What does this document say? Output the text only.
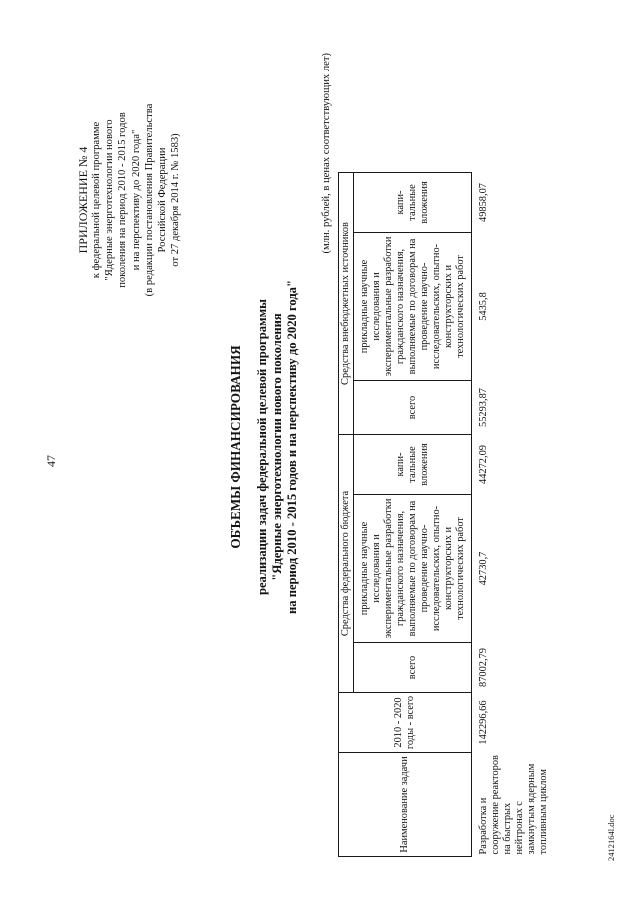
47
ПРИЛОЖЕНИЕ № 4 к федеральной целевой программе "Ядерные энерготехнологии нового поколения на период 2010 - 2015 годов и на перспективу до 2020 года" (в редакции постановления Правительства Российской Федерации от 27 декабря 2014 г. № 1583)
ОБЪЕМЫ ФИНАНСИРОВАНИЯ реализации задач федеральной целевой программы "Ядерные энерготехнологии нового поколения на период 2010 - 2015 годов и на перспективу до 2020 года"
(млн. рублей, в ценах соответствующих лет)
Наименование задачи	2010 - 2020 годы - всего	Средства федерального бюджета			Средства внебюджетных источников			
		всего	прикладные научные исследования и экспериментальные разработки гражданского назначения, выполняемые по договорам на проведение научно-исследовательских, опытно-конструкторских и технологических работ	капи-тальные вложения	всего	прикладные научные исследования и экспериментальные разработки гражданского назначения, выполняемые по договорам на проведение научно-исследовательских, опытно-конструкторских и технологических работ	капи-тальные вложения	
Разработка и сооружение реакторов на быстрых нейтронах с замкнутым ядерным топливным циклом	142296,66	87002,79	42730,7	44272,09	55293,87	5435,8	49858,07	
2412164l.doc
